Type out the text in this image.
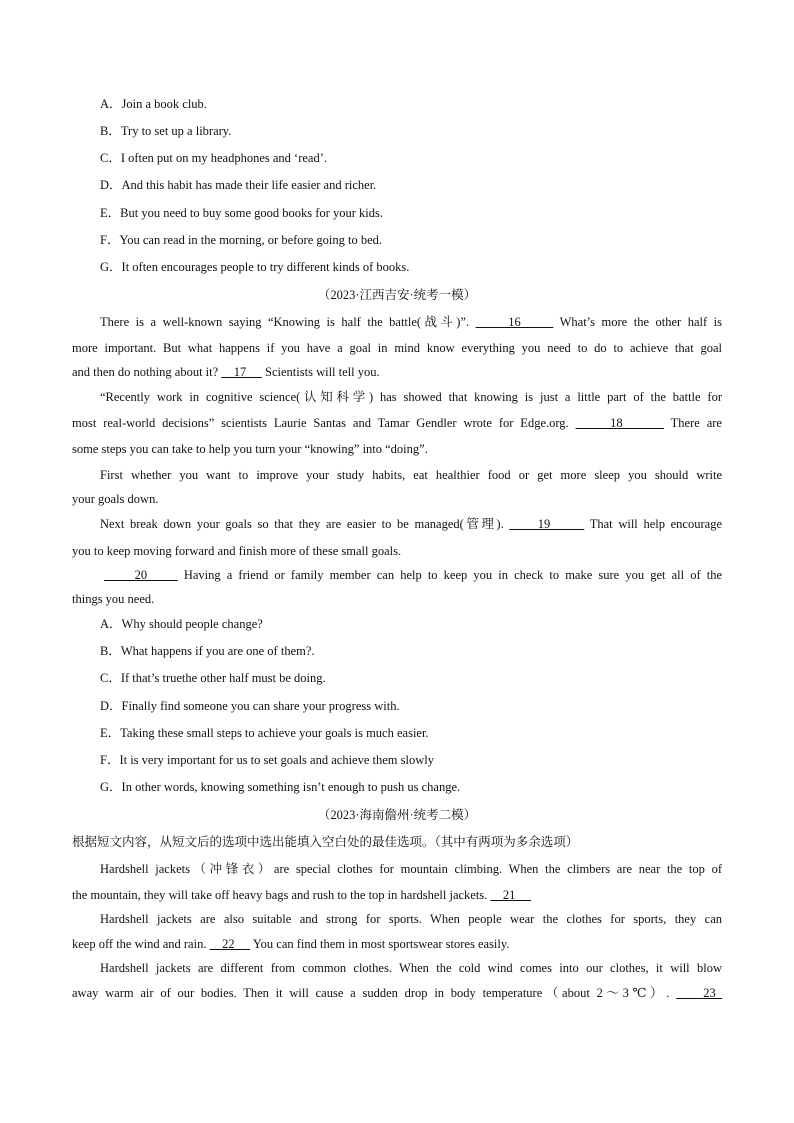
A．Join a book club.
B．Try to set up a library.
C．I often put on my headphones and ‘read’.
D．And this habit has made their life easier and richer.
E．But you need to buy some good books for your kids.
F．You can read in the morning, or before going to bed.
G．It often encourages people to try different kinds of books.
（2023·江西吉安·统考一模）
There is a well-known saying “Knowing is half the battle(战斗)”.      16      What’s more the other half is
more important. But what happens if you have a goal in mind know everything you need to do to achieve that goal
and then do nothing about it?     17      Scientists will tell you.
“Recently work in cognitive science(认知科学) has showed that knowing is just a little part of the battle for
most real-world decisions” scientists Laurie Santas and Tamar Gendler wrote for Edge.org.      18       There are
some steps you can take to help you turn your “knowing” into “doing”.
First whether you want to improve your study habits, eat healthier food or get more sleep you should write
your goals down.
Next break down your goals so that they are easier to be managed(管理).      19       That will help encourage
you to keep moving forward and finish more of these small goals.
20      Having a friend or family member can help to keep you in check to make sure you get all of the
things you need.
A．Why should people change?
B．What happens if you are one of them?.
C．If that’s truethe other half must be doing.
D．Finally find someone you can share your progress with.
E．Taking these small steps to achieve your goals is much easier.
F．It is very important for us to set goals and achieve them slowly
G．In other words, knowing something isn’t enough to push us change.
（2023·海南儋州·统考二模）
根据短文内容，从短文后的选项中选出能填入空白处的最佳选项。（其中有两项为多余选项）
Hardshell jackets（冲锋衣）are special clothes for mountain climbing. When the climbers are near the top of
the mountain, they will take off heavy bags and rush to the top in hardshell jackets.     21
Hardshell jackets are also suitable and strong for sports. When people wear the clothes for sports, they can
keep off the wind and rain.     22      You can find them in most sportswear stores easily.
Hardshell jackets are different from common clothes. When the cold wind comes into our clothes, it will blow
away warm air of our bodies. Then it will cause a sudden drop in body temperature（about 2～3℃）.     23
